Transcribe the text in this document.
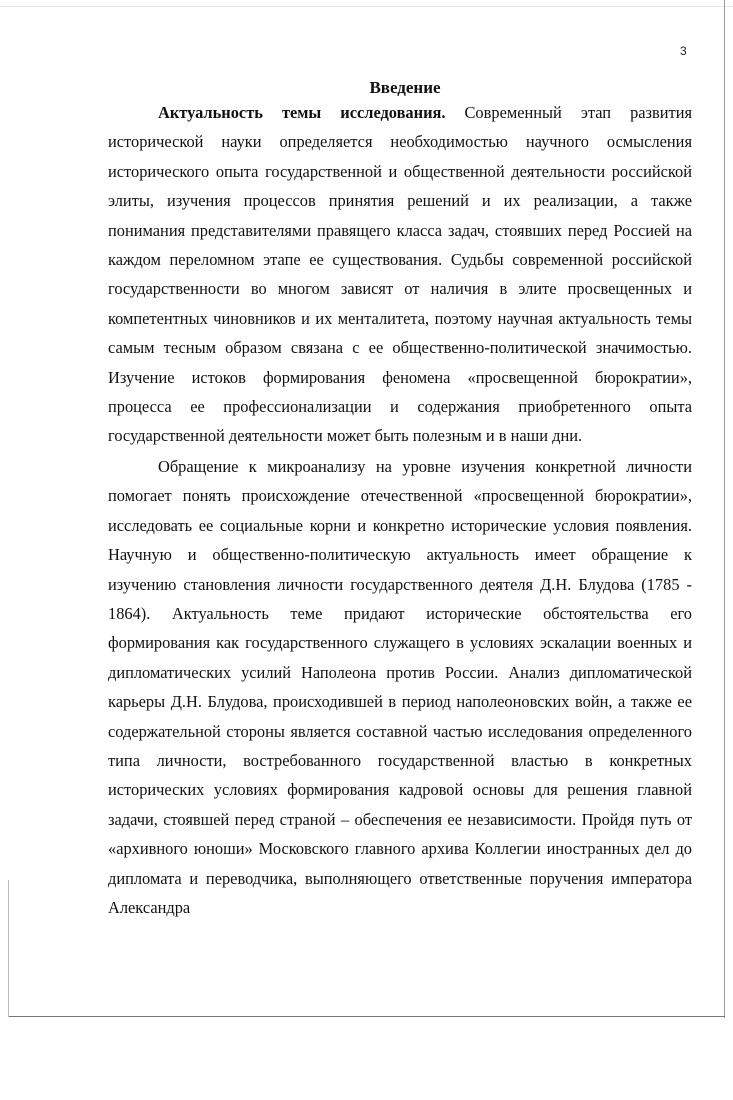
3
Введение

Актуальность темы исследования. Современный этап развития исторической науки определяется необходимостью научного осмысления исторического опыта государственной и общественной деятельности российской элиты, изучения процессов принятия решений и их реализации, а также понимания представителями правящего класса задач, стоявших перед Россией на каждом переломном этапе ее существования. Судьбы современной российской государственности во многом зависят от наличия в элите просвещенных и компетентных чиновников и их менталитета, поэтому научная актуальность темы самым тесным образом связана с ее общественно-политической значимостью. Изучение истоков формирования феномена «просвещенной бюрократии», процесса ее профессионализации и содержания приобретенного опыта государственной деятельности может быть полезным и в наши дни.

Обращение к микроанализу на уровне изучения конкретной личности помогает понять происхождение отечественной «просвещенной бюрократии», исследовать ее социальные корни и конкретно исторические условия появления. Научную и общественно-политическую актуальность имеет обращение к изучению становления личности государственного деятеля Д.Н. Блудова (1785 - 1864). Актуальность теме придают исторические обстоятельства его формирования как государственного служащего в условиях эскалации военных и дипломатических усилий Наполеона против России. Анализ дипломатической карьеры Д.Н. Блудова, происходившей в период наполеоновских войн, а также ее содержательной стороны является составной частью исследования определенного типа личности, востребованного государственной властью в конкретных исторических условиях формирования кадровой основы для решения главной задачи, стоявшей перед страной – обеспечения ее независимости. Пройдя путь от «архивного юноши» Московского главного архива Коллегии иностранных дел до дипломата и переводчика, выполняющего ответственные поручения императора Александра
